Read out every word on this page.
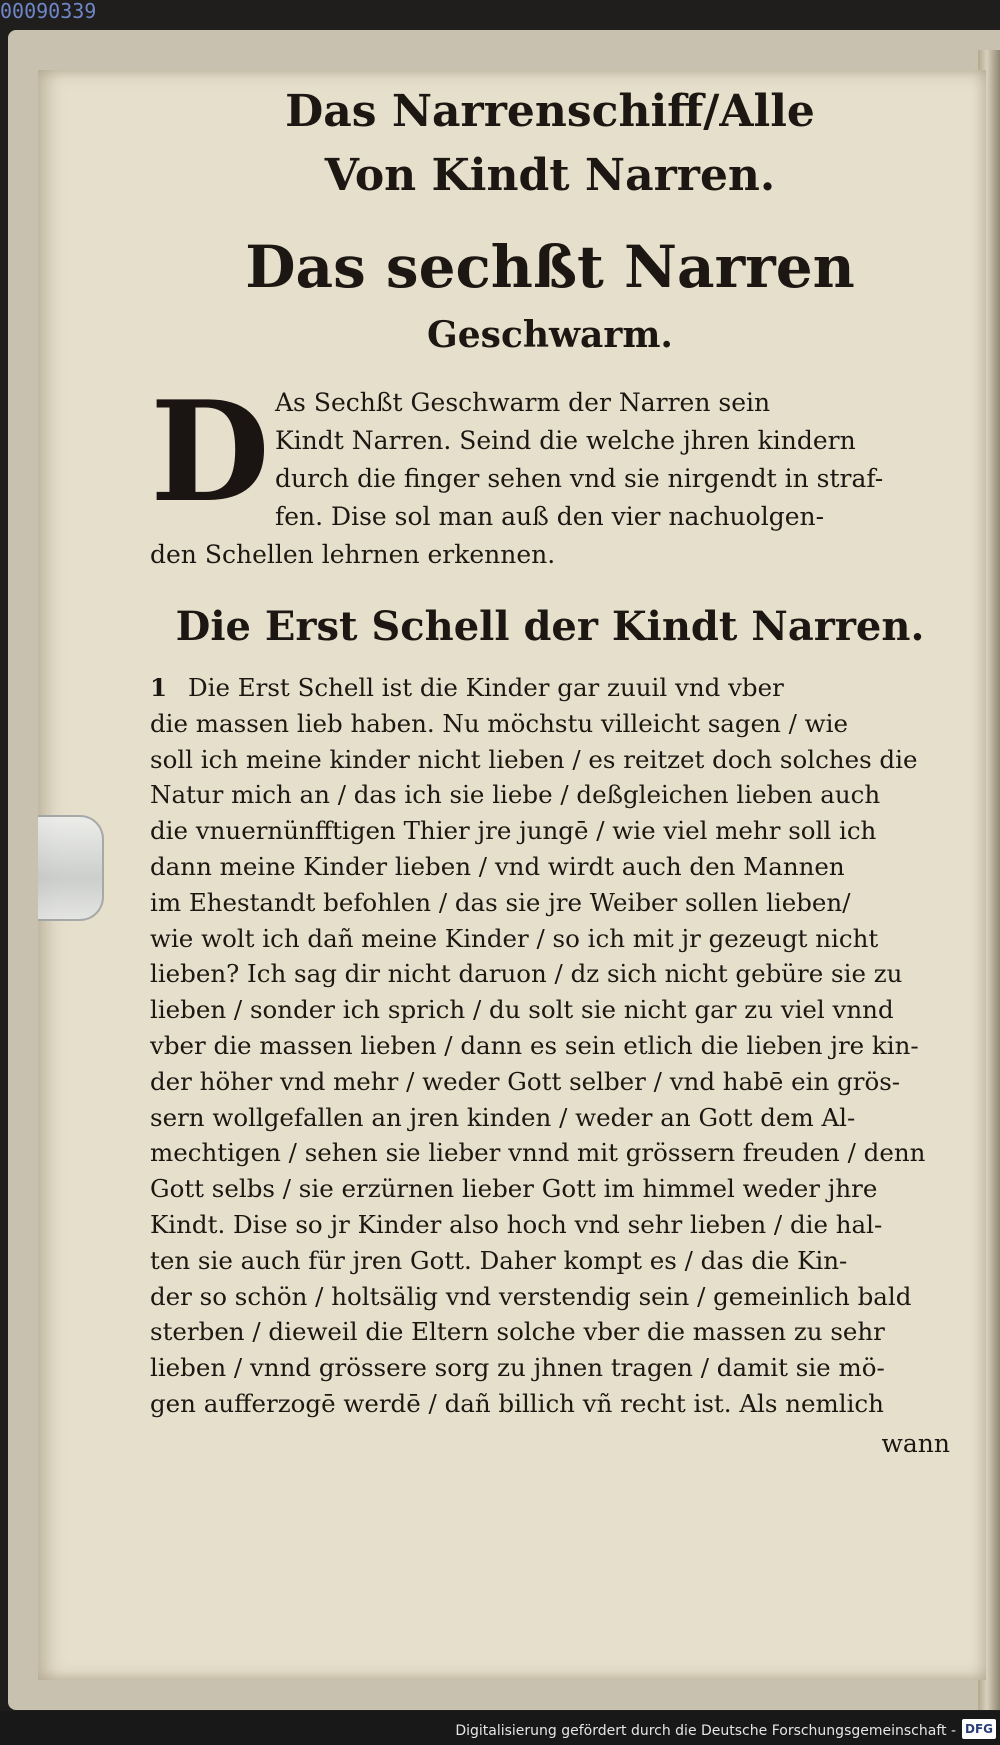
00090339

Das Narrenschiff/Alle

Von Kindt Narren.

Das sechßt Narren

Geschwarm.

D As Sechßt Geschwarm der Narren sein
Kindt Narren. Seind die welche jhren kindern
durch die finger sehen vnd sie nirgendt in straf-
fen. Dise sol man auß den vier nachuolgen-
den Schellen lehrnen erkennen.

Die Erst Schell der Kindt Narren.

1 Die Erst Schell ist die Kinder gar zuuil vnd vber
die massen lieb haben. Nu möchstu villeicht sagen / wie
soll ich meine kinder nicht lieben / es reitzet doch solches die
Natur mich an / das ich sie liebe / deßgleichen lieben auch
die vnuernünfftigen Thier jre jungē / wie viel mehr soll ich
dann meine Kinder lieben / vnd wirdt auch den Mannen
im Ehestandt befohlen / das sie jre Weiber sollen lieben/
wie wolt ich dañ meine Kinder / so ich mit jr gezeugt nicht
lieben? Ich sag dir nicht daruon / dz sich nicht gebüre sie zu
lieben / sonder ich sprich / du solt sie nicht gar zu viel vnnd
vber die massen lieben / dann es sein etlich die lieben jre kin-
der höher vnd mehr / weder Gott selber / vnd habē ein grös-
sern wollgefallen an jren kinden / weder an Gott dem Al-
mechtigen / sehen sie lieber vnnd mit grössern freuden / denn
Gott selbs / sie erzürnen lieber Gott im himmel weder jhre
Kindt. Dise so jr Kinder also hoch vnd sehr lieben / die hal-
ten sie auch für jren Gott. Daher kompt es / das die Kin-
der so schön / holtsälig vnd verstendig sein / gemeinlich bald
sterben / dieweil die Eltern solche vber die massen zu sehr
lieben / vnnd grössere sorg zu jhnen tragen / damit sie mö-
gen aufferzogē werdē / dañ billich vñ recht ist. Als nemlich
wann
Digitalisierung gefördert durch die Deutsche Forschungsgemeinschaft - DFG
